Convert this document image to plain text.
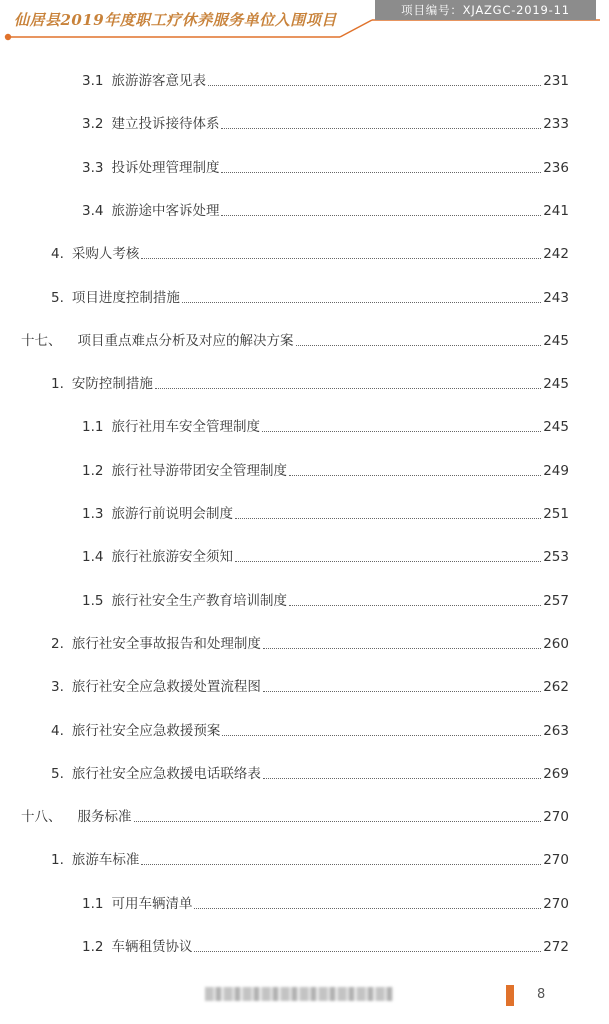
仙居县2019年度职工疗休养服务单位入围项目
项目编号：XJAZGC-2019-11
3.1 旅游游客意见表	231
3.2 建立投诉接待体系	233
3.3 投诉处理管理制度	236
3.4 旅游途中客诉处理	241
4. 采购人考核	242
5. 项目进度控制措施	243
十七、 项目重点难点分析及对应的解决方案	245
1. 安防控制措施	245
1.1 旅行社用车安全管理制度	245
1.2 旅行社导游带团安全管理制度	249
1.3 旅游行前说明会制度	251
1.4 旅行社旅游安全须知	253
1.5 旅行社安全生产教育培训制度	257
2. 旅行社安全事故报告和处理制度	260
3. 旅行社安全应急救援处置流程图	262
4. 旅行社安全应急救援预案	263
5. 旅行社安全应急救援电话联络表	269
十八、 服务标准	270
1. 旅游车标准	270
1.1 可用车辆清单	270
1.2 车辆租赁协议	272
8
